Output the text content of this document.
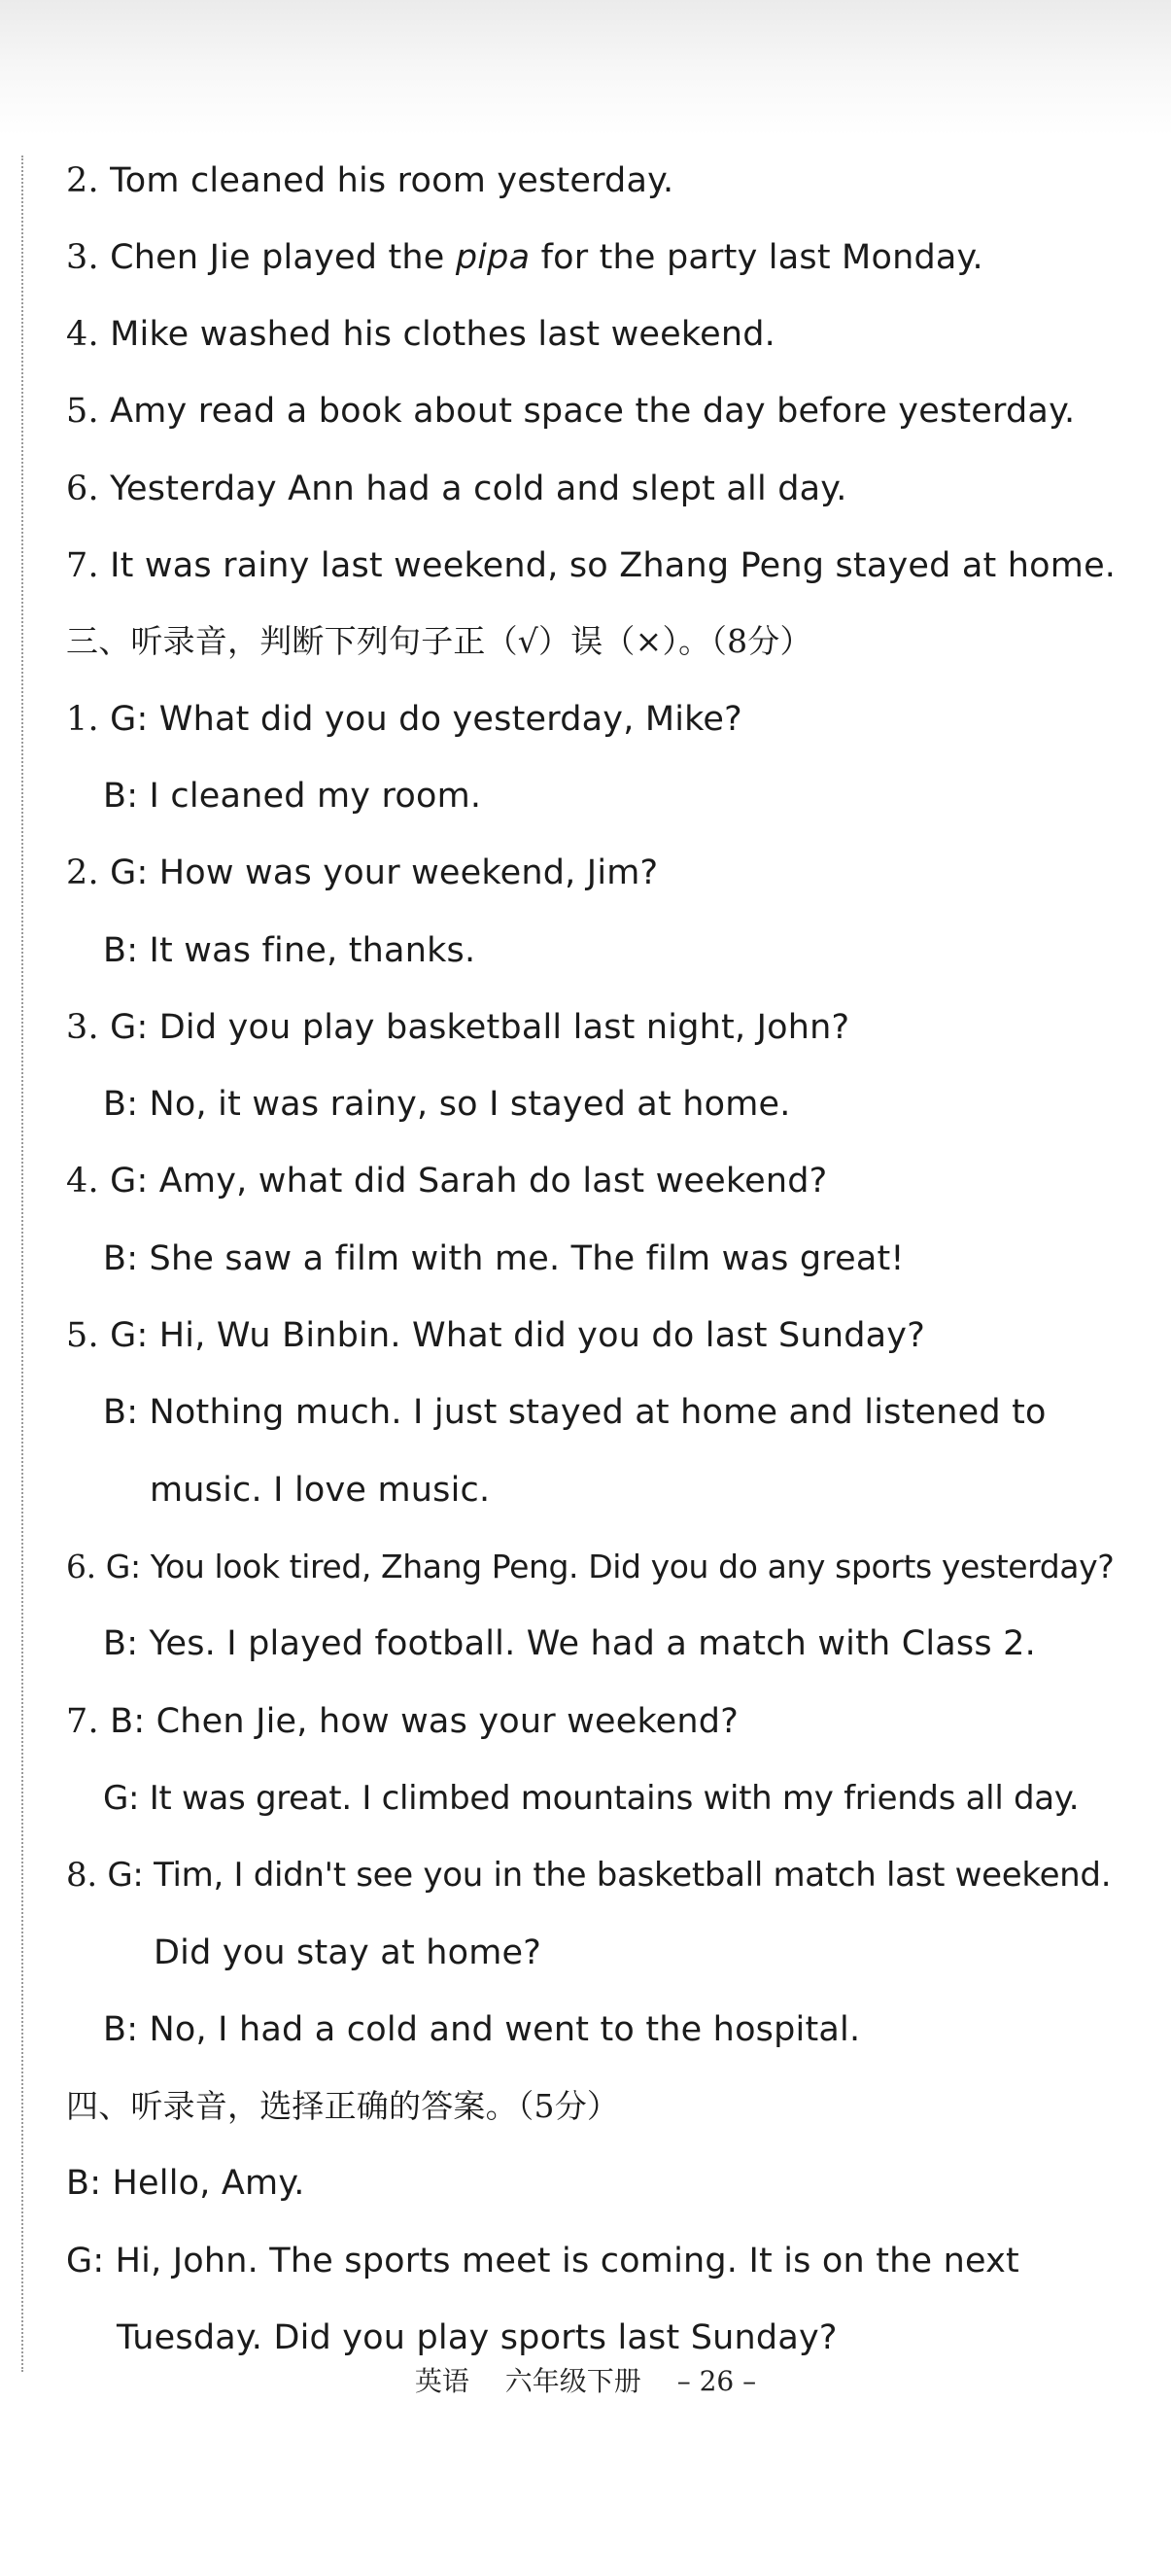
2. Tom cleaned his room yesterday.
3. Chen Jie played the pipa for the party last Monday.
4. Mike washed his clothes last weekend.
5. Amy read a book about space the day before yesterday.
6. Yesterday Ann had a cold and slept all day.
7. It was rainy last weekend, so Zhang Peng stayed at home.
三、听录音，判断下列句子正（√）误（×）。（8分）
1. G: What did you do yesterday, Mike?
B: I cleaned my room.
2. G: How was your weekend, Jim?
B: It was fine, thanks.
3. G: Did you play basketball last night, John?
B: No, it was rainy, so I stayed at home.
4. G: Amy, what did Sarah do last weekend?
B: She saw a film with me. The film was great!
5. G: Hi, Wu Binbin. What did you do last Sunday?
B: Nothing much. I just stayed at home and listened to
music. I love music.
6. G: You look tired, Zhang Peng. Did you do any sports yesterday?
B: Yes. I played football. We had a match with Class 2.
7. B: Chen Jie, how was your weekend?
G: It was great. I climbed mountains with my friends all day.
8. G: Tim, I didn't see you in the basketball match last weekend.
Did you stay at home?
B: No, I had a cold and went to the hospital.
四、听录音，选择正确的答案。（5分）
B: Hello, Amy.
G: Hi, John. The sports meet is coming. It is on the next
Tuesday. Did you play sports last Sunday?
英语 六年级下册 – 26 –
